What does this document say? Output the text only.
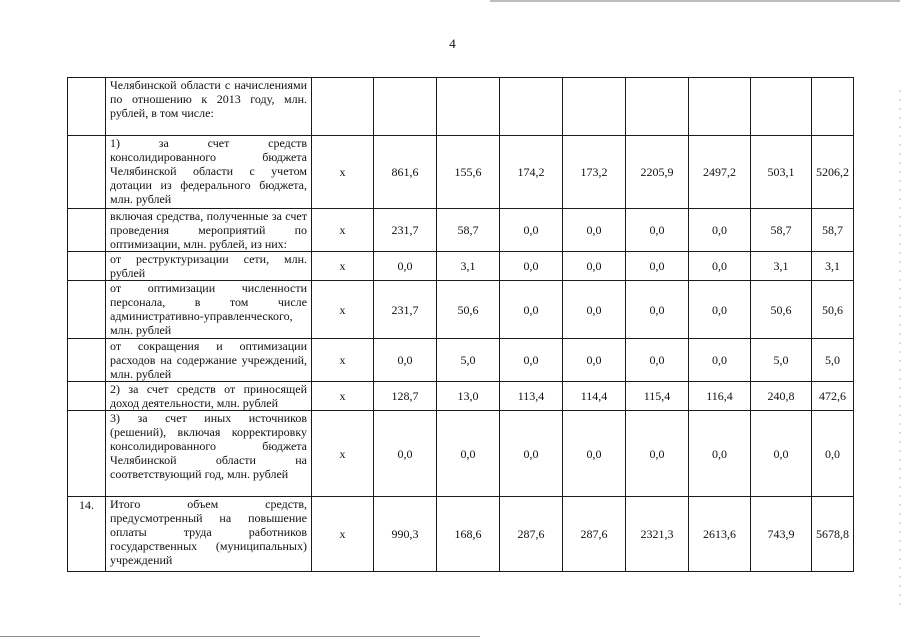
4
	Челябинской области с начислениями по отношению к 2013 году, млн. рублей, в том числе:									
	1) за счет средств консолидированного бюджета Челябинской области с учетом дотации из федерального бюджета, млн. рублей	x	861,6	155,6	174,2	173,2	2205,9	2497,2	503,1	5206,2
	включая средства, полученные за счет проведения мероприятий по оптимизации, млн. рублей, из них:	x	231,7	58,7	0,0	0,0	0,0	0,0	58,7	58,7
	от реструктуризации сети, млн. рублей	x	0,0	3,1	0,0	0,0	0,0	0,0	3,1	3,1
	от оптимизации численности персонала, в том числе административно-управленческого, млн. рублей	x	231,7	50,6	0,0	0,0	0,0	0,0	50,6	50,6
	от сокращения и оптимизации расходов на содержание учреждений, млн. рублей	x	0,0	5,0	0,0	0,0	0,0	0,0	5,0	5,0
	2) за счет средств от приносящей доход деятельности, млн. рублей	x	128,7	13,0	113,4	114,4	115,4	116,4	240,8	472,6
	3) за счет иных источников (решений), включая корректировку консолидированного бюджета Челябинской области на соответствующий год, млн. рублей	x	0,0	0,0	0,0	0,0	0,0	0,0	0,0	0,0
14.	Итого объем средств, предусмотренный на повышение оплаты труда работников государственных (муниципальных) учреждений	x	990,3	168,6	287,6	287,6	2321,3	2613,6	743,9	5678,8
